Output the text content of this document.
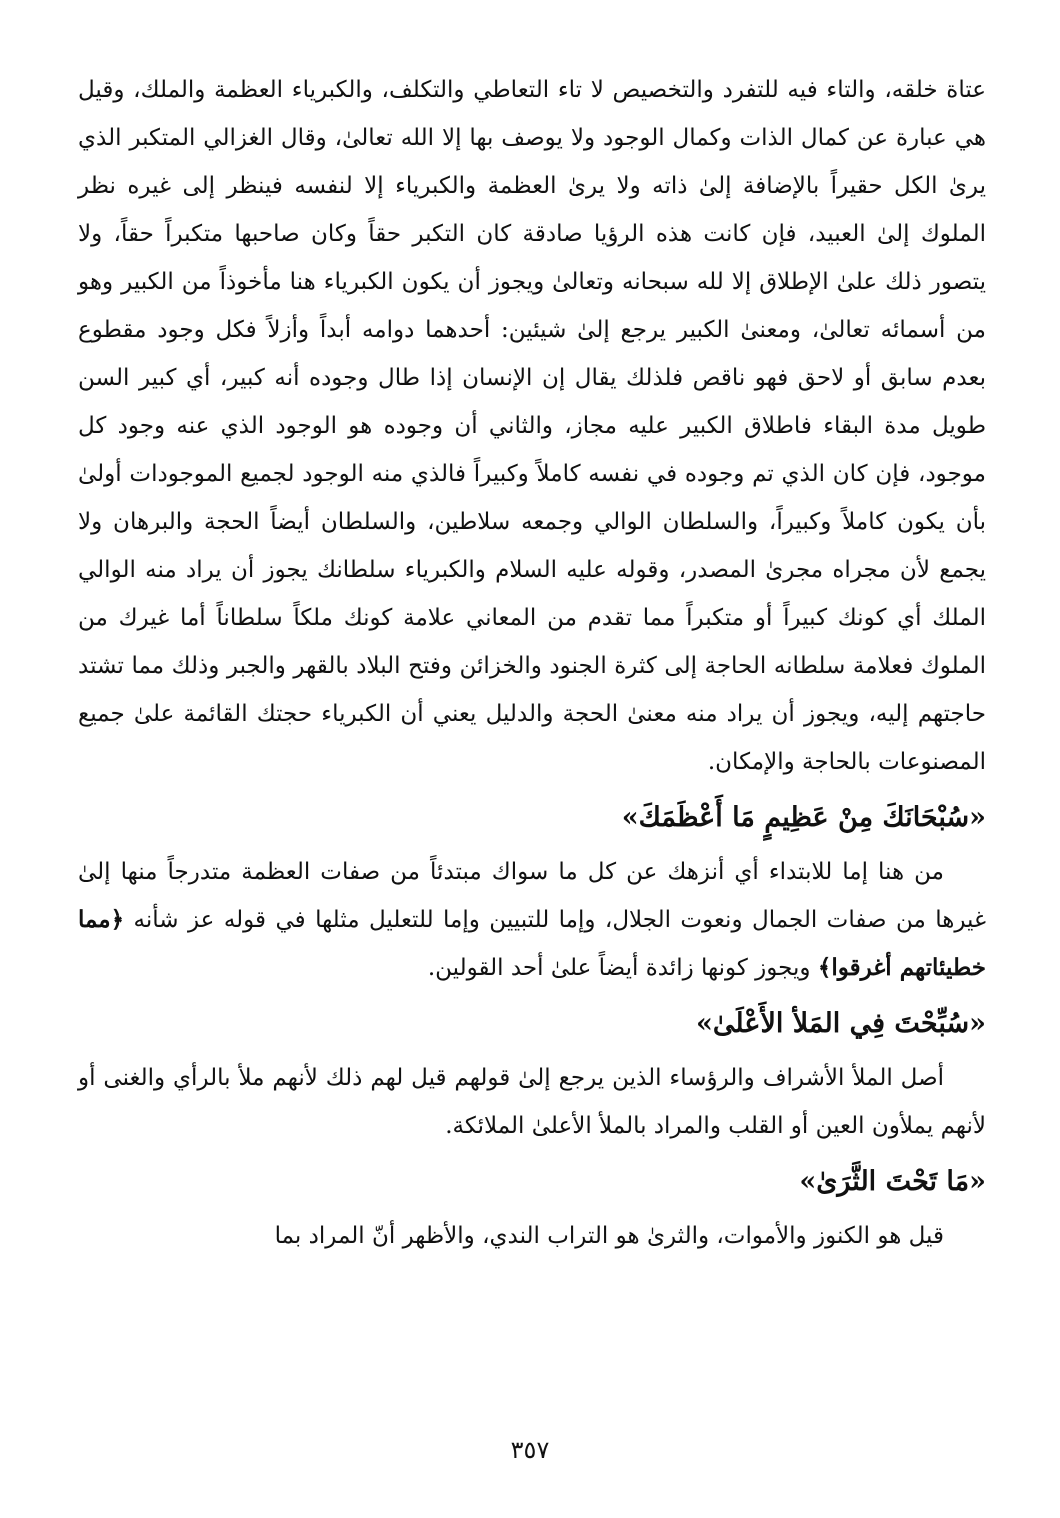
عتاة خلقه، والتاء فيه للتفرد والتخصيص لا تاء التعاطي والتكلف، والكبرياء العظمة والملك، وقيل هي عبارة عن كمال الذات وكمال الوجود ولا يوصف بها إلا الله تعالىٰ، وقال الغزالي المتكبر الذي يرىٰ الكل حقيراً بالإضافة إلىٰ ذاته ولا يرىٰ العظمة والكبرياء إلا لنفسه فينظر إلى غيره نظر الملوك إلىٰ العبيد، فإن كانت هذه الرؤيا صادقة كان التكبر حقاً وكان صاحبها متكبراً حقاً، ولا يتصور ذلك علىٰ الإطلاق إلا لله سبحانه وتعالىٰ ويجوز أن يكون الكبرياء هنا مأخوذاً من الكبير وهو من أسمائه تعالىٰ، ومعنىٰ الكبير يرجع إلىٰ شيئين: أحدهما دوامه أبداً وأزلاً فكل وجود مقطوع بعدم سابق أو لاحق فهو ناقص فلذلك يقال إن الإنسان إذا طال وجوده أنه كبير، أي كبير السن طويل مدة البقاء فاطلاق الكبير عليه مجاز، والثاني أن وجوده هو الوجود الذي عنه وجود كل موجود، فإن كان الذي تم وجوده في نفسه كاملاً وكبيراً فالذي منه الوجود لجميع الموجودات أولىٰ بأن يكون كاملاً وكبيراً، والسلطان الوالي وجمعه سلاطين، والسلطان أيضاً الحجة والبرهان ولا يجمع لأن مجراه مجرىٰ المصدر، وقوله عليه السلام والكبرياء سلطانك يجوز أن يراد منه الوالي الملك أي كونك كبيراً أو متكبراً مما تقدم من المعاني علامة كونك ملكاً سلطاناً أما غيرك من الملوك فعلامة سلطانه الحاجة إلى كثرة الجنود والخزائن وفتح البلاد بالقهر والجبر وذلك مما تشتد حاجتهم إليه، ويجوز أن يراد منه معنىٰ الحجة والدليل يعني أن الكبرياء حجتك القائمة علىٰ جميع المصنوعات بالحاجة والإمكان.

«سُبْحَانَكَ مِنْ عَظِيمٍ مَا أَعْظَمَكَ»

من هنا إما للابتداء أي أنزهك عن كل ما سواك مبتدئاً من صفات العظمة متدرجاً منها إلىٰ غيرها من صفات الجمال ونعوت الجلال، وإما للتبيين وإما للتعليل مثلها في قوله عز شأنه ﴿مما خطيئاتهم أغرقوا﴾ ويجوز كونها زائدة أيضاً علىٰ أحد القولين.

«سُبِّحْتَ فِي المَلأ الأَعْلَىٰ»

أصل الملأ الأشراف والرؤساء الذين يرجع إلىٰ قولهم قيل لهم ذلك لأنهم ملأ بالرأي والغنى أو لأنهم يملأون العين أو القلب والمراد بالملأ الأعلىٰ الملائكة.

«مَا تَحْتَ الثَّرَىٰ»

قيل هو الكنوز والأموات، والثرىٰ هو التراب الندي، والأظهر أنّ المراد بما

٣٥٧
